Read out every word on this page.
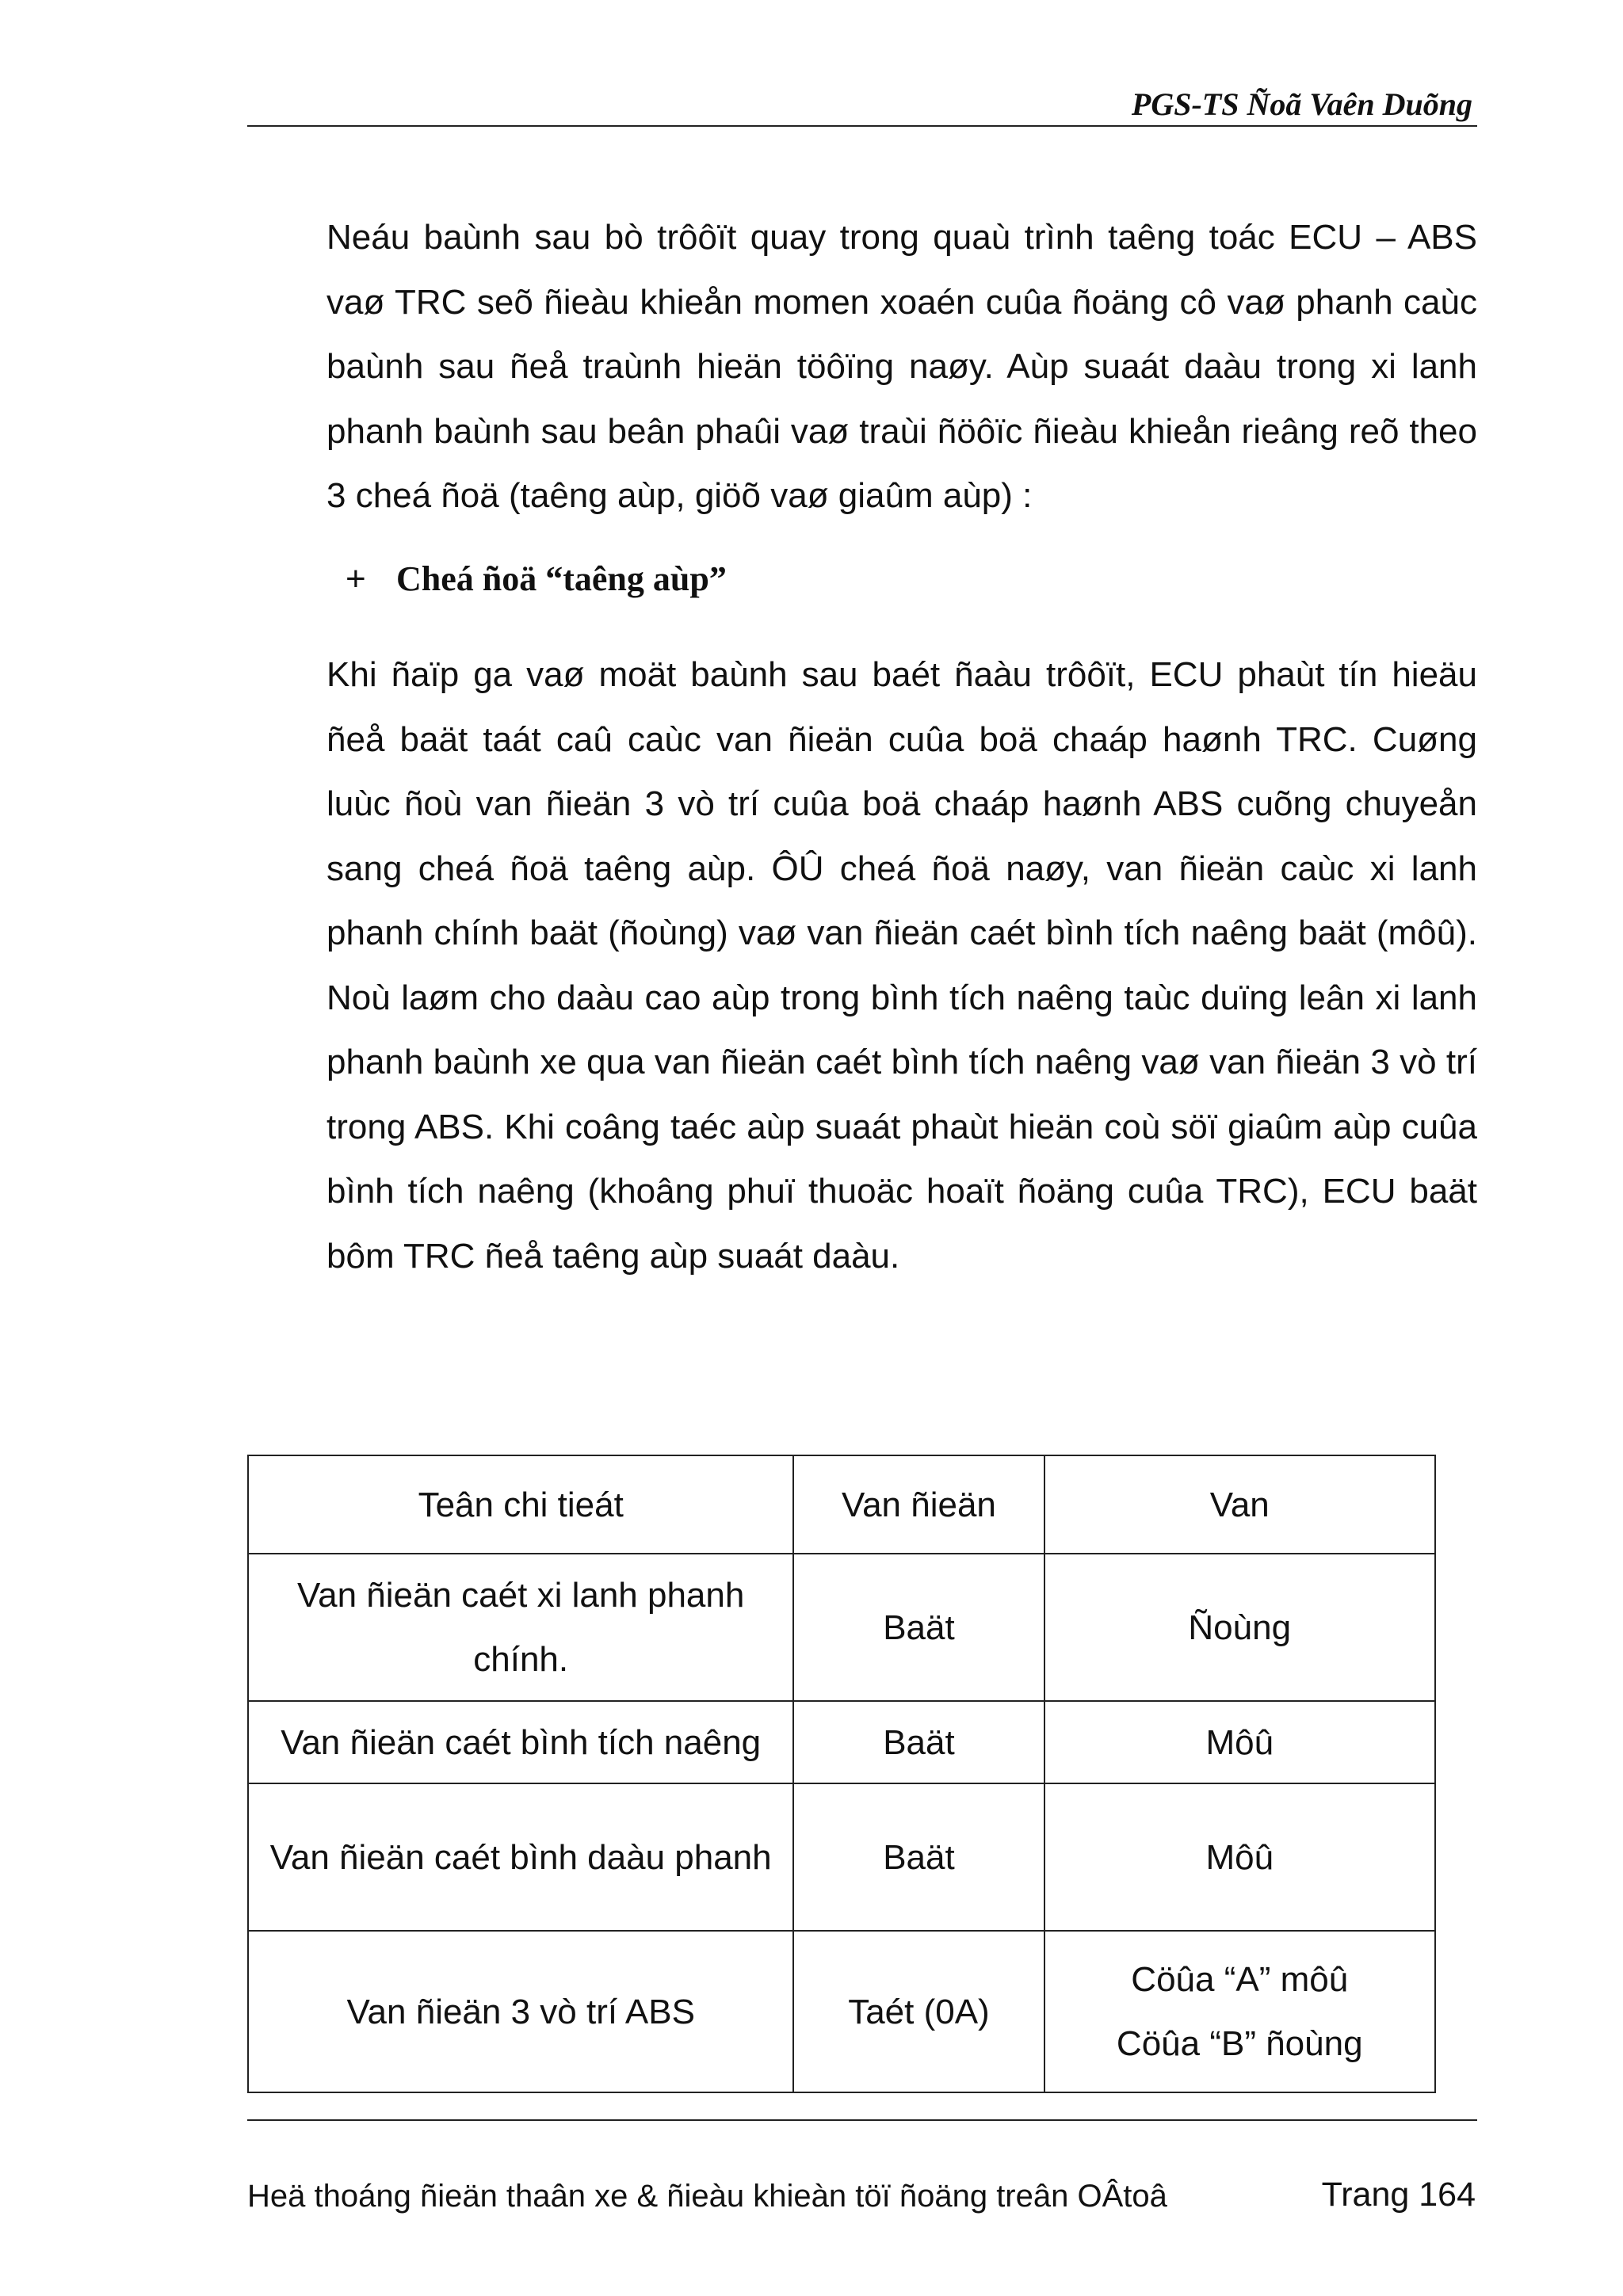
PGS-TS Ñoã Vaên Duõng

Neáu baùnh sau bò trôôït quay trong quaù trình taêng toác ECU – ABS vaø TRC seõ ñieàu khieån momen xoaén cuûa ñoäng cô vaø phanh caùc baùnh sau ñeå traùnh hieän töôïng naøy. Aùp suaát daàu trong xi lanh phanh baùnh sau beân phaûi vaø traùi ñöôïc ñieàu khieån rieâng reõ theo 3 cheá ñoä (taêng aùp, giöõ vaø giaûm aùp) :

+ Cheá ñoä “taêng aùp”

Khi ñaïp ga vaø moät baùnh sau baét ñaàu trôôït, ECU phaùt tín hieäu ñeå baät taát caû caùc van ñieän cuûa boä chaáp haønh TRC. Cuøng luùc ñoù van ñieän 3 vò trí cuûa boä chaáp haønh ABS cuõng chuyeån sang cheá ñoä taêng aùp. ÔÛ cheá ñoä naøy, van ñieän caùc xi lanh phanh chính baät (ñoùng) vaø van ñieän caét bình tích naêng baät (môû). Noù laøm cho daàu cao aùp trong bình tích naêng taùc duïng leân xi lanh phanh baùnh xe qua van ñieän caét bình tích naêng vaø van ñieän 3 vò trí trong ABS. Khi coâng taéc aùp suaát phaùt hieän coù söï giaûm aùp cuûa bình tích naêng (khoâng phuï thuoäc hoaït ñoäng cuûa TRC), ECU baät bôm TRC ñeå taêng aùp suaát daàu.

Teân chi tieát	Van ñieän	Van
Van ñieän caét xi lanh phanh chính.	Baät	Ñoùng
Van ñieän caét bình tích naêng	Baät	Môû
Van ñieän caét bình daàu phanh	Baät	Môû
Van ñieän 3 vò trí ABS	Taét (0A)	Cöûa “A” môû
Cöûa “B” ñoùng
Heä thoáng ñieän thaân xe & ñieàu khieàn töï ñoäng treân OÂtoâ	Trang 164
